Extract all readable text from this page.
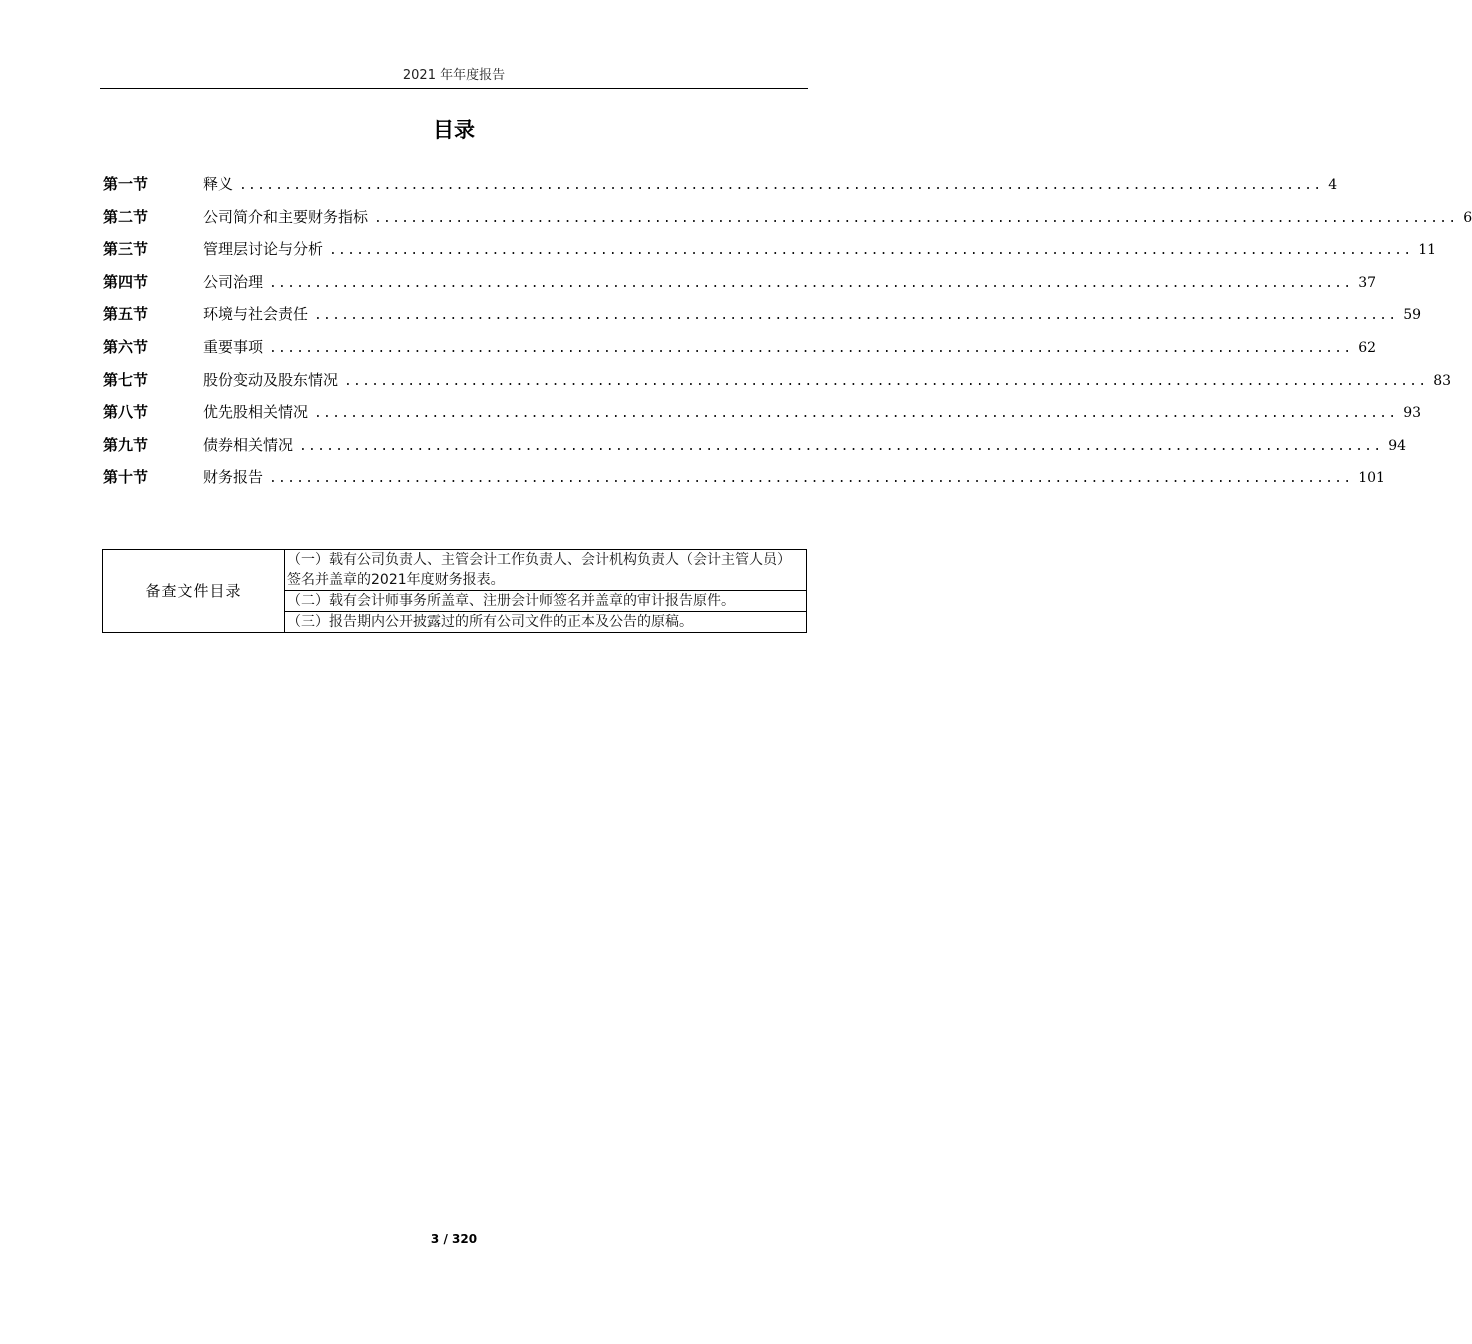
2021 年年度报告
目录
第一节	释义 ........................................................................................................................ 4
第二节	公司简介和主要财务指标 ........................................................................................................................ 6
第三节	管理层讨论与分析 ........................................................................................................................ 11
第四节	公司治理 ........................................................................................................................ 37
第五节	环境与社会责任 ........................................................................................................................ 59
第六节	重要事项 ........................................................................................................................ 62
第七节	股份变动及股东情况 ........................................................................................................................ 83
第八节	优先股相关情况 ........................................................................................................................ 93
第九节	债券相关情况 ........................................................................................................................ 94
第十节	财务报告 ........................................................................................................................ 101
备查文件目录	（一）载有公司负责人、主管会计工作负责人、会计机构负责人（会计主管人员）签名并盖章的2021年度财务报表。
（二）载有会计师事务所盖章、注册会计师签名并盖章的审计报告原件。
（三）报告期内公开披露过的所有公司文件的正本及公告的原稿。
3 / 320
